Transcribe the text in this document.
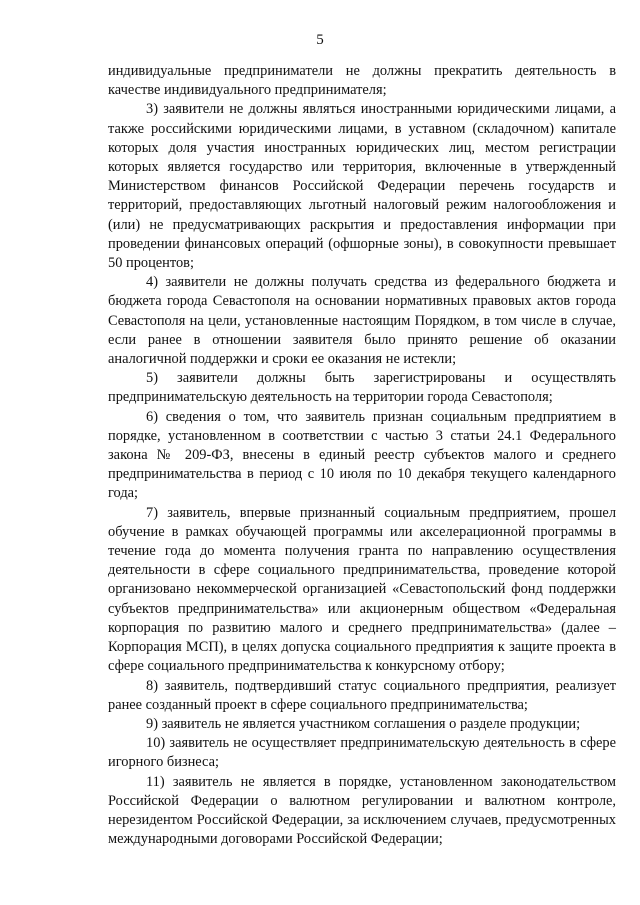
5

индивидуальные предприниматели не должны прекратить деятельность в качестве индивидуального предпринимателя;

3) заявители не должны являться иностранными юридическими лицами, а также российскими юридическими лицами, в уставном (складочном) капитале которых доля участия иностранных юридических лиц, местом регистрации которых является государство или территория, включенные в утвержденный Министерством финансов Российской Федерации перечень государств и территорий, предоставляющих льготный налоговый режим налогообложения и (или) не предусматривающих раскрытия и предоставления информации при проведении финансовых операций (офшорные зоны), в совокупности превышает 50 процентов;

4) заявители не должны получать средства из федерального бюджета и бюджета города Севастополя на основании нормативных правовых актов города Севастополя на цели, установленные настоящим Порядком, в том числе в случае, если ранее в отношении заявителя было принято решение об оказании аналогичной поддержки и сроки ее оказания не истекли;

5) заявители должны быть зарегистрированы и осуществлять предпринимательскую деятельность на территории города Севастополя;

6) сведения о том, что заявитель признан социальным предприятием в порядке, установленном в соответствии с частью 3 статьи 24.1 Федерального закона № 209-ФЗ, внесены в единый реестр субъектов малого и среднего предпринимательства в период с 10 июля по 10 декабря текущего календарного года;

7) заявитель, впервые признанный социальным предприятием, прошел обучение в рамках обучающей программы или акселерационной программы в течение года до момента получения гранта по направлению осуществления деятельности в сфере социального предпринимательства, проведение которой организовано некоммерческой организацией «Севастопольский фонд поддержки субъектов предпринимательства» или акционерным обществом «Федеральная корпорация по развитию малого и среднего предпринимательства» (далее – Корпорация МСП), в целях допуска социального предприятия к защите проекта в сфере социального предпринимательства к конкурсному отбору;

8) заявитель, подтвердивший статус социального предприятия, реализует ранее созданный проект в сфере социального предпринимательства;

9) заявитель не является участником соглашения о разделе продукции;

10) заявитель не осуществляет предпринимательскую деятельность в сфере игорного бизнеса;

11) заявитель не является в порядке, установленном законодательством Российской Федерации о валютном регулировании и валютном контроле, нерезидентом Российской Федерации, за исключением случаев, предусмотренных международными договорами Российской Федерации;
